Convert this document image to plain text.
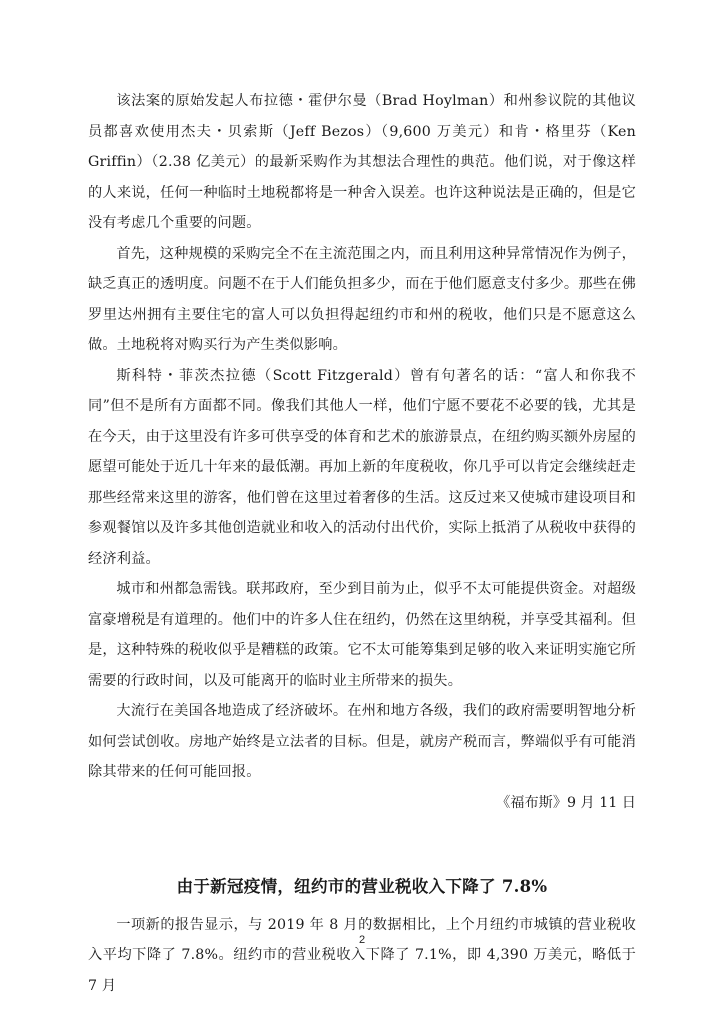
该法案的原始发起人布拉德・霍伊尔曼（Brad Hoylman）和州参议院的其他议员都喜欢使用杰夫・贝索斯（Jeff Bezos）（9,600 万美元）和肯・格里芬（Ken Griffin）（2.38 亿美元）的最新采购作为其想法合理性的典范。他们说，对于像这样的人来说，任何一种临时土地税都将是一种舍入误差。也许这种说法是正确的，但是它没有考虑几个重要的问题。

首先，这种规模的采购完全不在主流范围之内，而且利用这种异常情况作为例子，缺乏真正的透明度。问题不在于人们能负担多少，而在于他们愿意支付多少。那些在佛罗里达州拥有主要住宅的富人可以负担得起纽约市和州的税收，他们只是不愿意这么做。土地税将对购买行为产生类似影响。

斯科特・菲茨杰拉德（Scott Fitzgerald）曾有句著名的话：“富人和你我不同”但不是所有方面都不同。像我们其他人一样，他们宁愿不要花不必要的钱，尤其是在今天，由于这里没有许多可供享受的体育和艺术的旅游景点，在纽约购买额外房屋的愿望可能处于近几十年来的最低潮。再加上新的年度税收，你几乎可以肯定会继续赶走那些经常来这里的游客，他们曾在这里过着奢侈的生活。这反过来又使城市建设项目和参观餐馆以及许多其他创造就业和收入的活动付出代价，实际上抵消了从税收中获得的经济利益。

城市和州都急需钱。联邦政府，至少到目前为止，似乎不太可能提供资金。对超级富豪增税是有道理的。他们中的许多人住在纽约，仍然在这里纳税，并享受其福利。但是，这种特殊的税收似乎是糟糕的政策。它不太可能筹集到足够的收入来证明实施它所需要的行政时间，以及可能离开的临时业主所带来的损失。

大流行在美国各地造成了经济破坏。在州和地方各级，我们的政府需要明智地分析如何尝试创收。房地产始终是立法者的目标。但是，就房产税而言，弊端似乎有可能消除其带来的任何可能回报。

《福布斯》9 月 11 日

由于新冠疫情，纽约市的营业税收入下降了 7.8%

一项新的报告显示，与 2019 年 8 月的数据相比，上个月纽约市城镇的营业税收入平均下降了 7.8%。纽约市的营业税收入下降了 7.1%，即 4,390 万美元，略低于 7 月

2
